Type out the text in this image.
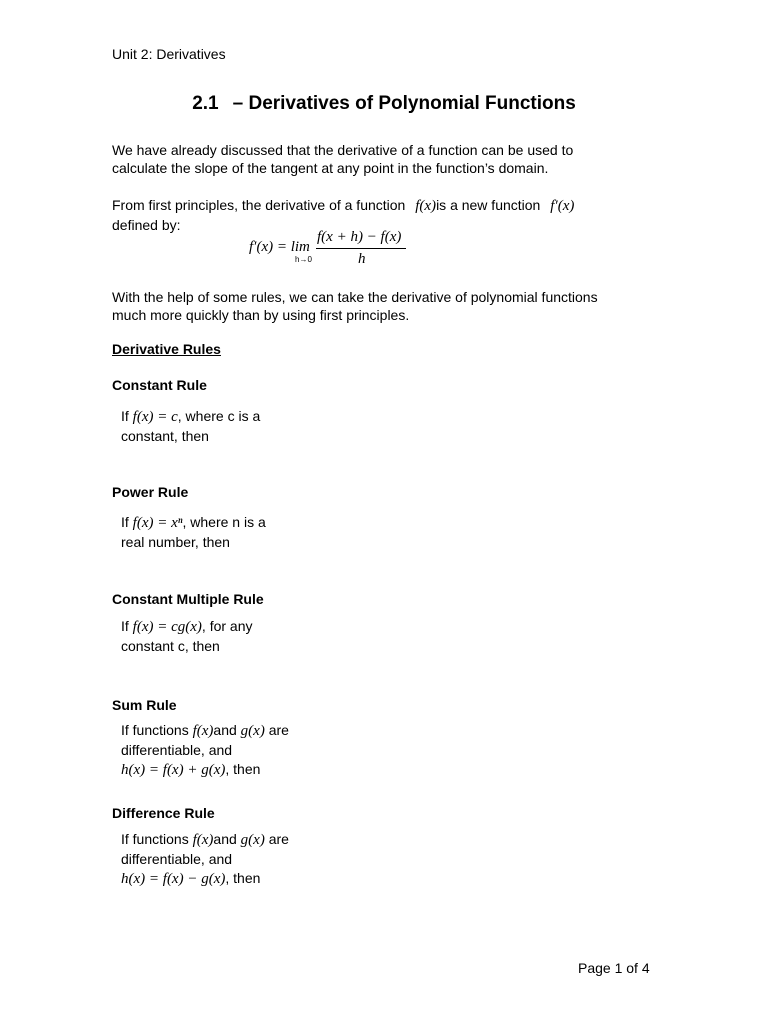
Unit 2: Derivatives
2.1 – Derivatives of Polynomial Functions
We have already discussed that the derivative of a function can be used to
calculate the slope of the tangent at any point in the function’s domain.
From first principles, the derivative of a function f(x)is a new function f′(x)
defined by:
f′(x) = lim
h→0
f(x + h) − f(x)
h
With the help of some rules, we can take the derivative of polynomial functions
much more quickly than by using first principles.
Derivative Rules
Constant Rule
If f(x) = c, where c is a
constant, then
Power Rule
If f(x) = xⁿ, where n is a
real number, then
Constant Multiple Rule
If f(x) = cg(x), for any
constant c, then
Sum Rule
If functions f(x)and g(x) are
differentiable, and
h(x) = f(x) + g(x), then
Difference Rule
If functions f(x)and g(x) are
differentiable, and
h(x) = f(x) − g(x), then
Page 1 of 4
